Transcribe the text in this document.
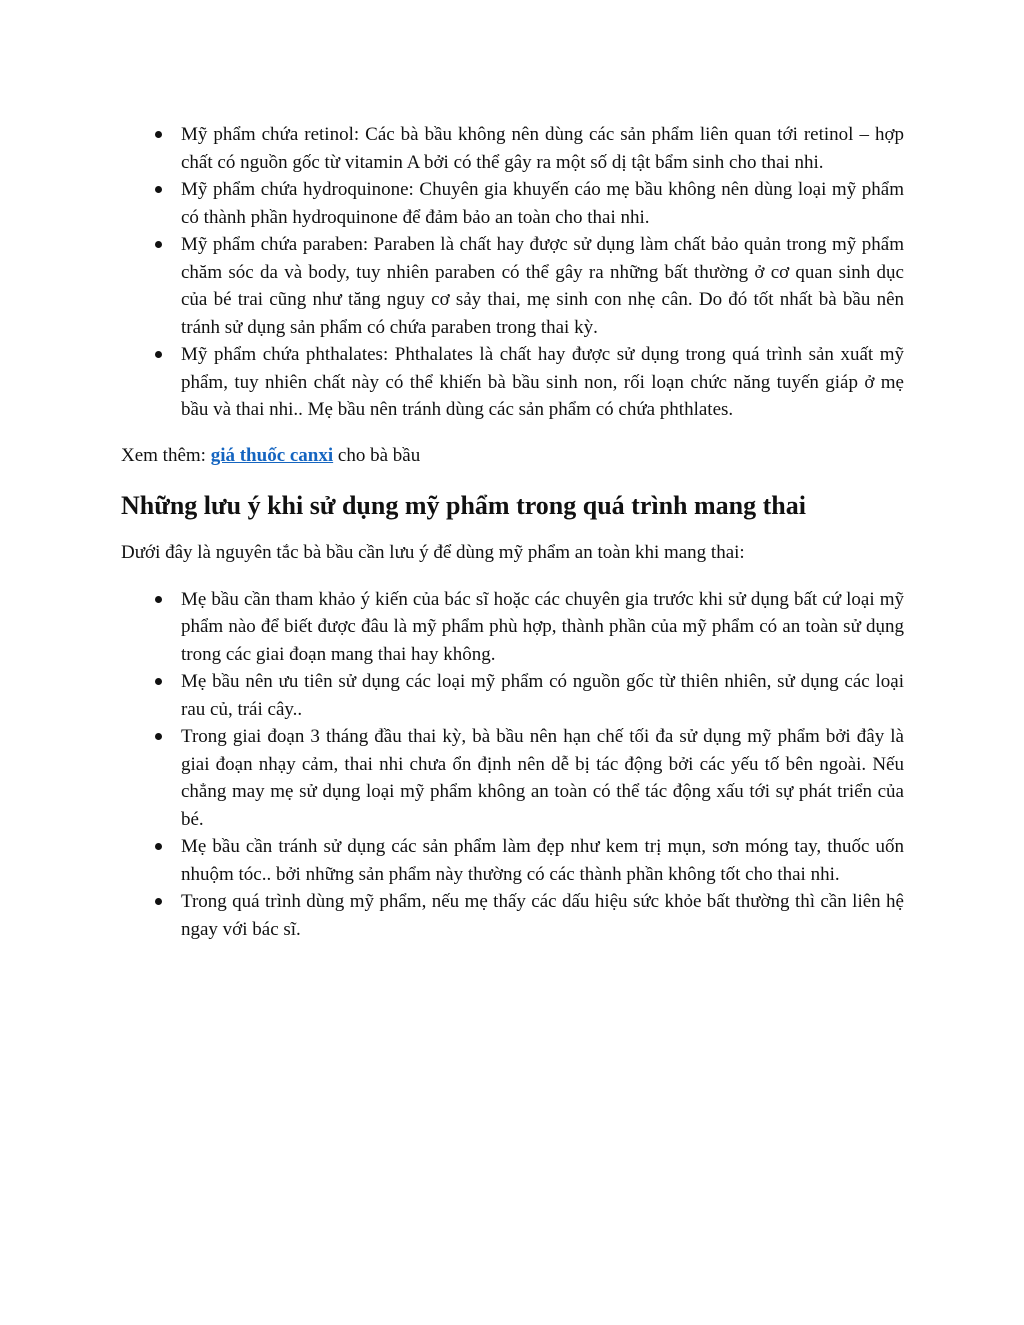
Mỹ phẩm chứa retinol: Các bà bầu không nên dùng các sản phẩm liên quan tới retinol – hợp chất có nguồn gốc từ vitamin A bởi có thể gây ra một số dị tật bẩm sinh cho thai nhi.
Mỹ phẩm chứa hydroquinone: Chuyên gia khuyến cáo mẹ bầu không nên dùng loại mỹ phẩm có thành phần hydroquinone để đảm bảo an toàn cho thai nhi.
Mỹ phẩm chứa paraben: Paraben là chất hay được sử dụng làm chất bảo quản trong mỹ phẩm chăm sóc da và body, tuy nhiên paraben có thể gây ra những bất thường ở cơ quan sinh dục của bé trai cũng như tăng nguy cơ sảy thai, mẹ sinh con nhẹ cân. Do đó tốt nhất bà bầu nên tránh sử dụng sản phẩm có chứa paraben trong thai kỳ.
Mỹ phẩm chứa phthalates: Phthalates là chất hay được sử dụng trong quá trình sản xuất mỹ phẩm, tuy nhiên chất này có thể khiến bà bầu sinh non, rối loạn chức năng tuyến giáp ở mẹ bầu và thai nhi.. Mẹ bầu nên tránh dùng các sản phẩm có chứa phthlates.

Xem thêm: giá thuốc canxi cho bà bầu

Những lưu ý khi sử dụng mỹ phẩm trong quá trình mang thai

Dưới đây là nguyên tắc bà bầu cần lưu ý để dùng mỹ phẩm an toàn khi mang thai:

Mẹ bầu cần tham khảo ý kiến của bác sĩ hoặc các chuyên gia trước khi sử dụng bất cứ loại mỹ phẩm nào để biết được đâu là mỹ phẩm phù hợp, thành phần của mỹ phẩm có an toàn sử dụng trong các giai đoạn mang thai hay không.
Mẹ bầu nên ưu tiên sử dụng các loại mỹ phẩm có nguồn gốc từ thiên nhiên, sử dụng các loại rau củ, trái cây..
Trong giai đoạn 3 tháng đầu thai kỳ, bà bầu nên hạn chế tối đa sử dụng mỹ phẩm bởi đây là giai đoạn nhạy cảm, thai nhi chưa ổn định nên dễ bị tác động bởi các yếu tố bên ngoài. Nếu chẳng may mẹ sử dụng loại mỹ phẩm không an toàn có thể tác động xấu tới sự phát triển của bé.
Mẹ bầu cần tránh sử dụng các sản phẩm làm đẹp như kem trị mụn, sơn móng tay, thuốc uốn nhuộm tóc.. bởi những sản phẩm này thường có các thành phần không tốt cho thai nhi.
Trong quá trình dùng mỹ phẩm, nếu mẹ thấy các dấu hiệu sức khỏe bất thường thì cần liên hệ ngay với bác sĩ.
